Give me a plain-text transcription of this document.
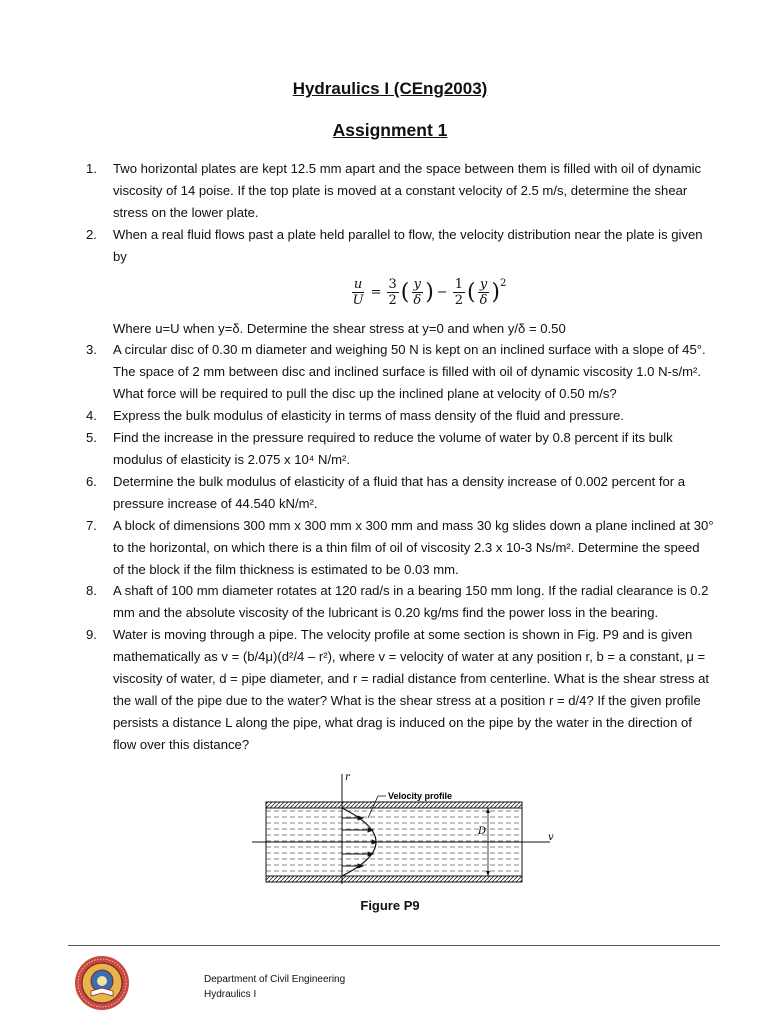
Hydraulics I (CEng2003)
Assignment 1
1. Two horizontal plates are kept 12.5 mm apart and the space between them is filled with oil of dynamic viscosity of 14 poise. If the top plate is moved at a constant velocity of 2.5 m/s, determine the shear stress on the lower plate.
2. When a real fluid flows past a plate held parallel to flow, the velocity distribution near the plate is given by
$\frac{u}{U} = \frac{3}{2}$ ( $\frac{y}{\delta}$ ) − $\frac{1}{2}$ ( $\frac{y}{\delta} )^2$
Where u=U when y=δ. Determine the shear stress at y=0 and when y/δ = 0.50
3. A circular disc of 0.30 m diameter and weighing 50 N is kept on an inclined surface with a slope of 45°. The space of 2 mm between disc and inclined surface is filled with oil of dynamic viscosity 1.0 N-s/m². What force will be required to pull the disc up the inclined plane at velocity of 0.50 m/s?
4. Express the bulk modulus of elasticity in terms of mass density of the fluid and pressure.
5. Find the increase in the pressure required to reduce the volume of water by 0.8 percent if its bulk modulus of elasticity is 2.075 x 10⁴ N/m².
6. Determine the bulk modulus of elasticity of a fluid that has a density increase of 0.002 percent for a pressure increase of 44.540 kN/m².
7. A block of dimensions 300 mm x 300 mm x 300 mm and mass 30 kg slides down a plane inclined at 30° to the horizontal, on which there is a thin film of oil of viscosity 2.3 x 10-3 Ns/m². Determine the speed of the block if the film thickness is estimated to be 0.03 mm.
8. A shaft of 100 mm diameter rotates at 120 rad/s in a bearing 150 mm long. If the radial clearance is 0.2 mm and the absolute viscosity of the lubricant is 0.20 kg/ms find the power loss in the bearing.
9. Water is moving through a pipe. The velocity profile at some section is shown in Fig. P9 and is given mathematically as v = (b/4μ)(d²/4 – r²), where v = velocity of water at any position r, b = a constant, μ = viscosity of water, d = pipe diameter, and r = radial distance from centerline. What is the shear stress at the wall of the pipe due to the water? What is the shear stress at a position r = d/4? If the given profile persists a distance L along the pipe, what drag is induced on the pipe by the water in the direction of flow over this distance?
r
Velocity profile
D
v
Figure P9
Department of Civil Engineering
Hydraulics I
